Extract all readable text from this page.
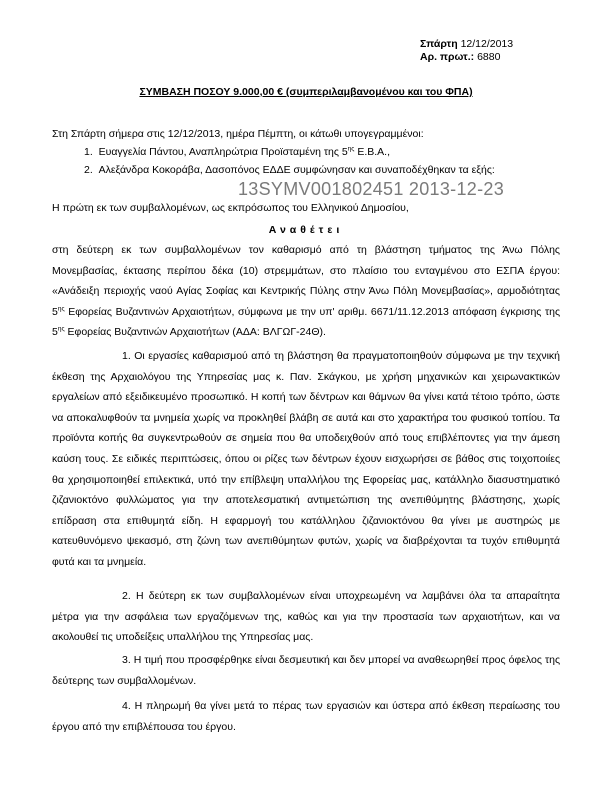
Σπάρτη 12/12/2013
Αρ. πρωτ.: 6880
ΣΥΜΒΑΣΗ ΠΟΣΟΥ 9.000,00 € (συμπεριλαμβανομένου και του ΦΠΑ)
Στη Σπάρτη σήμερα στις 12/12/2013, ημέρα Πέμπτη, οι κάτωθι υπογεγραμμένοι:
1. Ευαγγελία Πάντου, Αναπληρώτρια Προϊσταμένη της $5^{\eta\varsigma}$ Ε.Β.Α.,
2. Αλεξάνδρα Κοκοράβα, Δασοπόνος ΕΔΔΕ συμφώνησαν και συναποδέχθηκαν τα εξής:
13SYMV001802451 2013-12-23
Η πρώτη εκ των συμβαλλομένων, ως εκπρόσωπος του Ελληνικού Δημοσίου,
Αναθέτει
στη δεύτερη εκ των συμβαλλομένων τον καθαρισμό από τη βλάστηση τμήματος της Άνω Πόλης Μονεμβασίας, έκτασης περίπου δέκα (10) στρεμμάτων, στο πλαίσιο του ενταγμένου στο ΕΣΠΑ έργου: «Ανάδειξη περιοχής ναού Αγίας Σοφίας και Κεντρικής Πύλης στην Άνω Πόλη Μονεμβασίας», αρμοδιότητας $5^{\eta\varsigma}$ Εφορείας Βυζαντινών Αρχαιοτήτων, σύμφωνα με την υπ' αριθμ. 6671/11.12.2013 απόφαση έγκρισης της $5^{\eta\varsigma}$ Εφορείας Βυζαντινών Αρχαιοτήτων (ΑΔΑ: ΒΛΓΩΓ-24Θ).
1. Οι εργασίες καθαρισμού από τη βλάστηση θα πραγματοποιηθούν σύμφωνα με την τεχνική έκθεση της Αρχαιολόγου της Υπηρεσίας μας κ. Παν. Σκάγκου, με χρήση μηχανικών και χειρωνακτικών εργαλείων από εξειδικευμένο προσωπικό. Η κοπή των δέντρων και θάμνων θα γίνει κατά τέτοιο τρόπο, ώστε να αποκαλυφθούν τα μνημεία χωρίς να προκληθεί βλάβη σε αυτά και στο χαρακτήρα του φυσικού τοπίου. Τα προϊόντα κοπής θα συγκεντρωθούν σε σημεία που θα υποδειχθούν από τους επιβλέποντες για την άμεση καύση τους. Σε ειδικές περιπτώσεις, όπου οι ρίζες των δέντρων έχουν εισχωρήσει σε βάθος στις τοιχοποιίες θα χρησιμοποιηθεί επιλεκτικά, υπό την επίβλεψη υπαλλήλου της Εφορείας μας, κατάλληλο διασυστηματικό ζιζανιοκτόνο φυλλώματος για την αποτελεσματική αντιμετώπιση της ανεπιθύμητης βλάστησης, χωρίς επίδραση στα επιθυμητά είδη. Η εφαρμογή του κατάλληλου ζιζανιοκτόνου θα γίνει με αυστηρώς με κατευθυνόμενο ψεκασμό, στη ζώνη των ανεπιθύμητων φυτών, χωρίς να διαβρέχονται τα τυχόν επιθυμητά φυτά και τα μνημεία.
2. Η δεύτερη εκ των συμβαλλομένων είναι υποχρεωμένη να λαμβάνει όλα τα απαραίτητα μέτρα για την ασφάλεια των εργαζόμενων της, καθώς και για την προστασία των αρχαιοτήτων, και να ακολουθεί τις υποδείξεις υπαλλήλου της Υπηρεσίας μας.
3. Η τιμή που προσφέρθηκε είναι δεσμευτική και δεν μπορεί να αναθεωρηθεί προς όφελος της δεύτερης των συμβαλλομένων.
4. Η πληρωμή θα γίνει μετά το πέρας των εργασιών και ύστερα από έκθεση περαίωσης του έργου από την επιβλέπουσα του έργου.
